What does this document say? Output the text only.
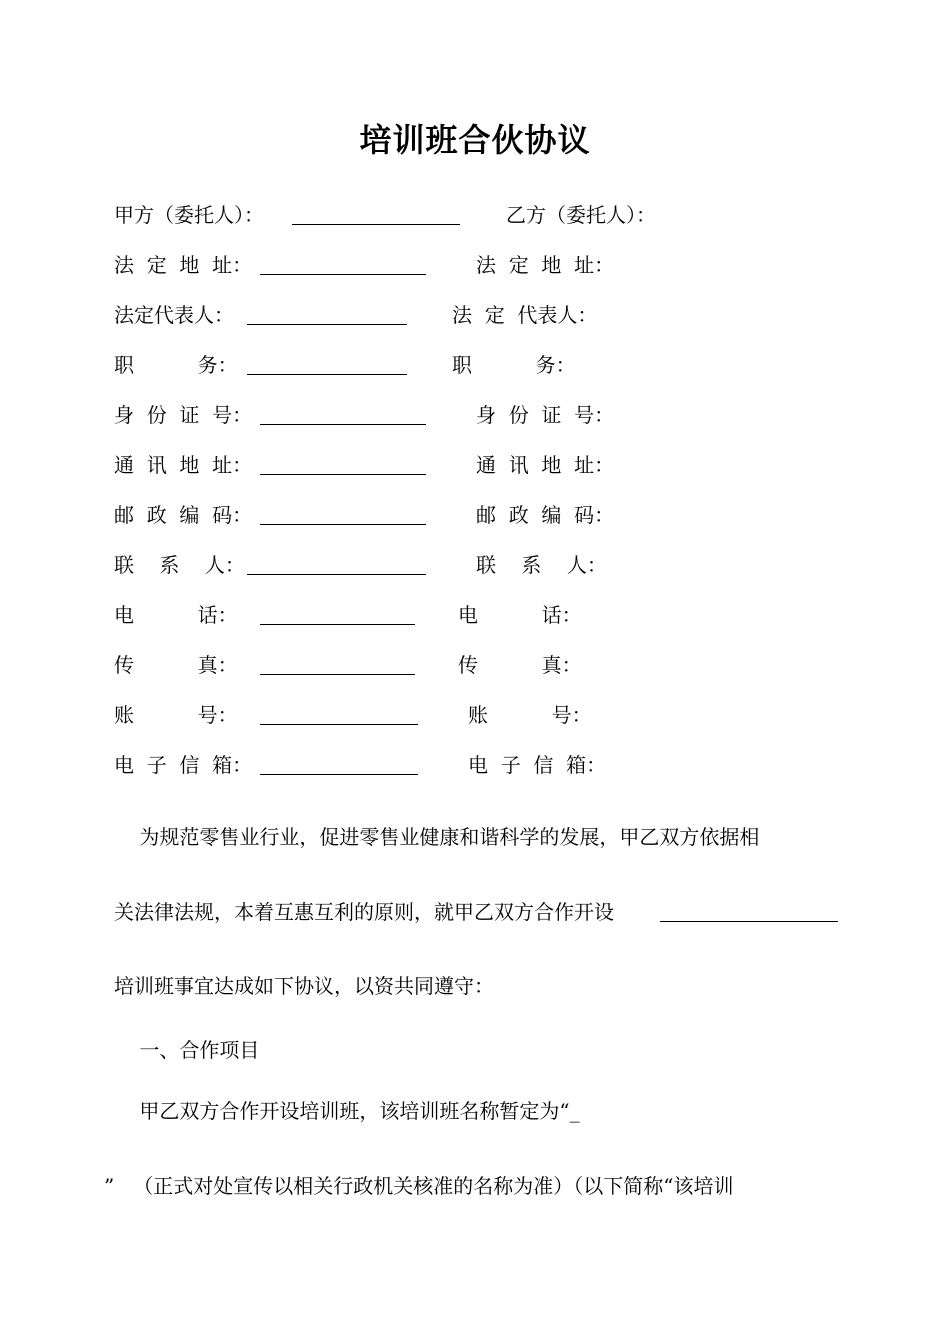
培训班合伙协议
甲方（委托人）：	乙方（委托人）：
法  定  地  址：	法  定  地  址：
法定代表人：	法  定  代表人：
职          务：	职          务：
身  份  证  号：	身  份  证  号：
通  讯  地  址：	通  讯  地  址：
邮  政  编  码：	邮  政  编  码：
联    系    人：	联    系    人：
电          话：	电          话：
传          真：	传          真：
账          号：	账          号：
电  子  信  箱：	电  子  信  箱：
为规范零售业行业，促进零售业健康和谐科学的发展，甲乙双方依据相
关法律法规，本着互惠互利的原则，就甲乙双方合作开设
培训班事宜达成如下协议，以资共同遵守：
一、合作项目
甲乙双方合作开设培训班，该培训班名称暂定为“_
”   （正式对处宣传以相关行政机关核准的名称为准）（以下简称“该培训
